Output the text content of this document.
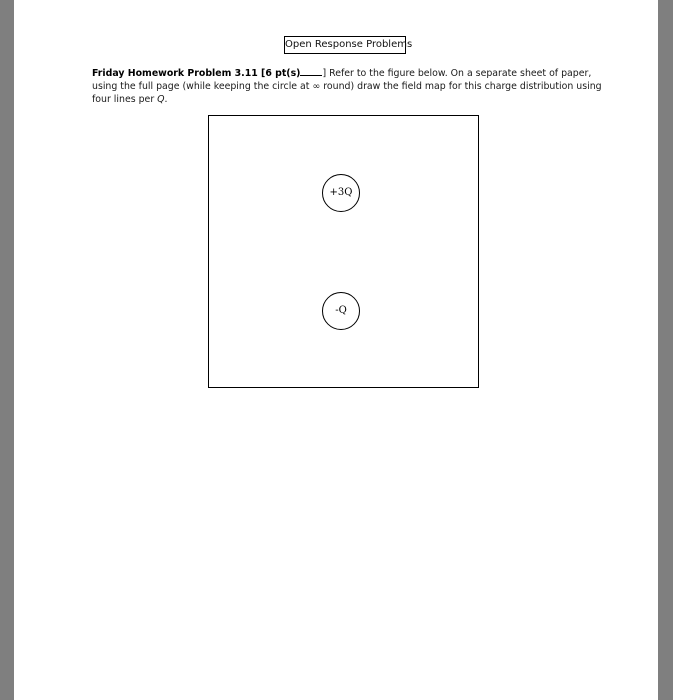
Open Response Problems
Friday Homework Problem 3.11 [6 pt(s) ] Refer to the figure below. On a separate sheet of paper, using the full page (while keeping the circle at ∞ round) draw the field map for this charge distribution using four lines per Q.
+3Q
-Q
